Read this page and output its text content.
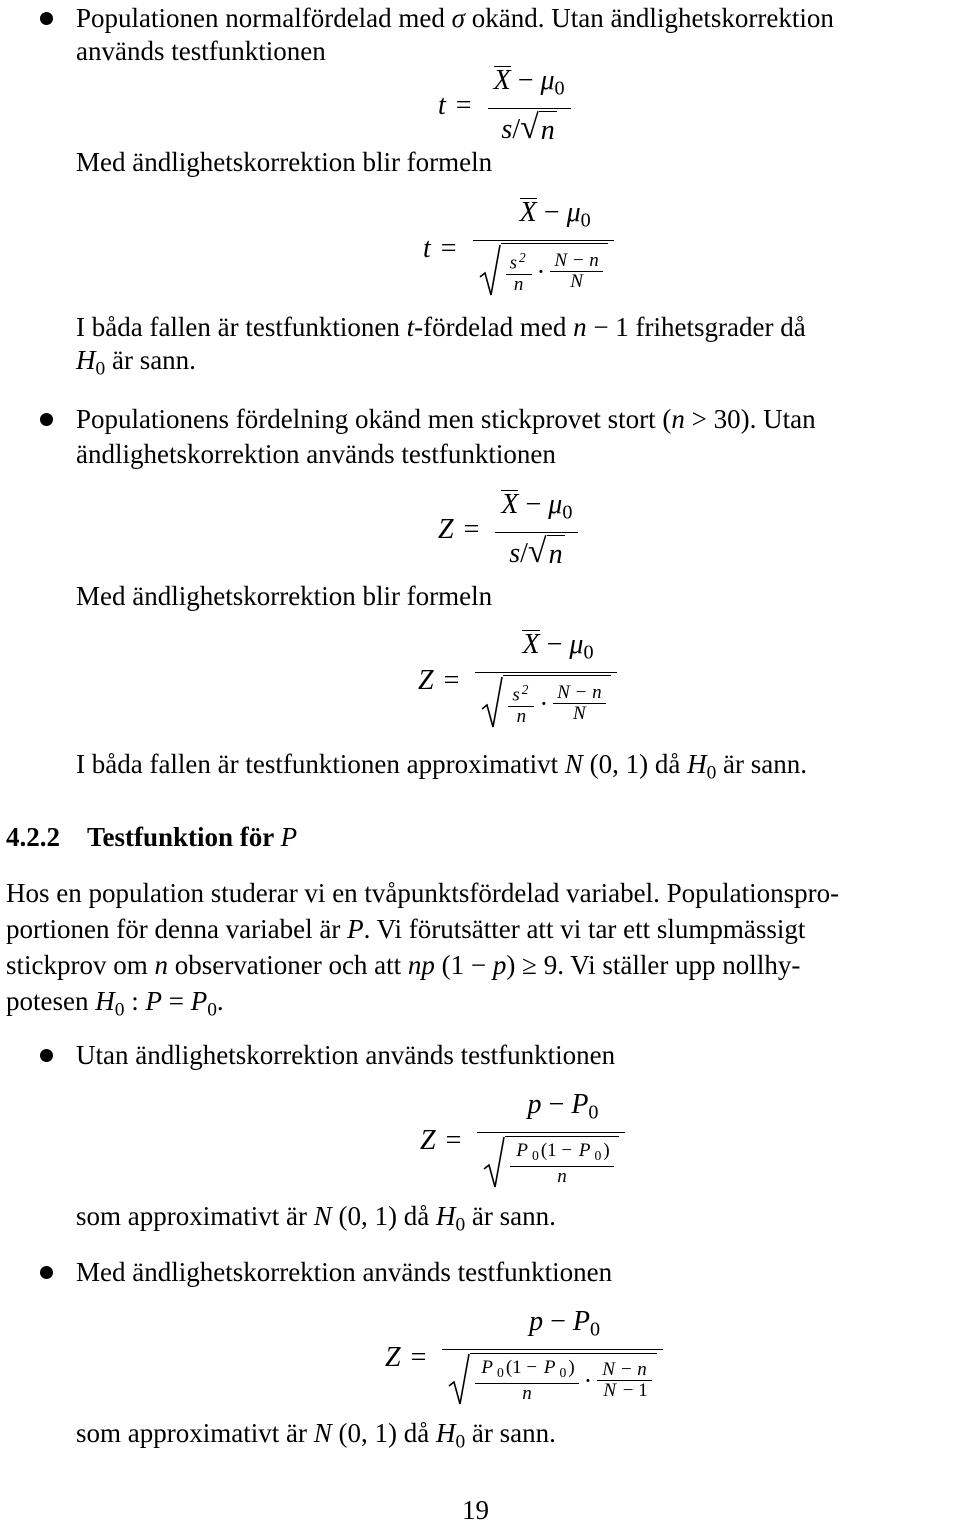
Populationen normalfördelad med σ okänd. Utan ändlighetskorrektion
används testfunktionen
$t = \frac{X - \mu_0}{s / √ n}$
Med ändlighetskorrektion blir formeln
$t = X - \mu_0$
s $^2$
n · N − n
N
I båda fallen är testfunktionen t-fördelad med n − 1 frihetsgrader då
$H_0$ är sann.
Populationens fördelning okänd men stickprovet stort (n > 30). Utan
ändlighetskorrektion används testfunktionen
$Z = \frac{X - \mu_0}{s / √ n}$
Med ändlighetskorrektion blir formeln
$Z = X - \mu_0$
s $^2$
n · N − n
N
I båda fallen är testfunktionen approximativt N (0, 1) då $H_0$ är sann.
4.2.2    Testfunktion för P
Hos en population studerar vi en tvåpunktsfördelad variabel. Populationspro-
portionen för denna variabel är P. Vi förutsätter att vi tar ett slumpmässigt
stickprov om n observationer och att np (1 − p) ≥ 9. Vi ställer upp nollhy-
potesen $H_0$ : $P = P_0$.
Utan ändlighetskorrektion används testfunktionen
$Z = p - P_0$
P $_0$ (1 − P $_0$ )
n
som approximativt är N (0, 1) då $H_0$ är sann.
Med ändlighetskorrektion används testfunktionen
$Z = p - P_0$
P $_0$ (1 − P $_0$ )
n · N − n
N − 1
som approximativt är N (0, 1) då $H_0$ är sann.
19
